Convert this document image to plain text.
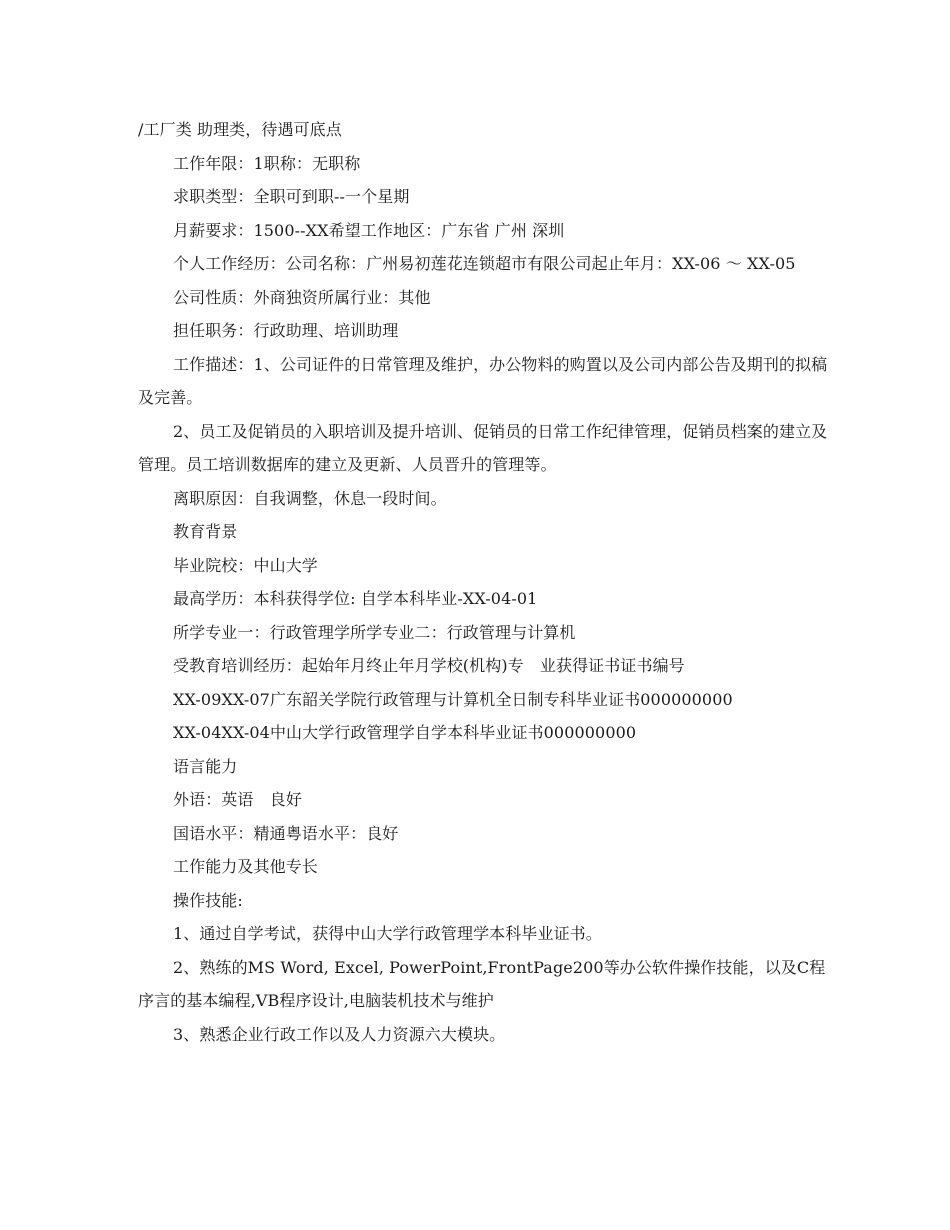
/工厂类 助理类，待遇可底点

工作年限：1职称：无职称

求职类型：全职可到职--一个星期

月薪要求：1500--XX希望工作地区：广东省 广州 深圳

个人工作经历：公司名称：广州易初莲花连锁超市有限公司起止年月：XX-06 ～ XX-05

公司性质：外商独资所属行业：其他

担任职务：行政助理、培训助理

工作描述：1、公司证件的日常管理及维护，办公物料的购置以及公司内部公告及期刊的拟稿及完善。

2、员工及促销员的入职培训及提升培训、促销员的日常工作纪律管理，促销员档案的建立及管理。员工培训数据库的建立及更新、人员晋升的管理等。

离职原因：自我调整，休息一段时间。

教育背景

毕业院校：中山大学

最高学历：本科获得学位: 自学本科毕业-XX-04-01

所学专业一：行政管理学所学专业二：行政管理与计算机

受教育培训经历：起始年月终止年月学校(机构)专　业获得证书证书编号

XX-09XX-07广东韶关学院行政管理与计算机全日制专科毕业证书000000000

XX-04XX-04中山大学行政管理学自学本科毕业证书000000000

语言能力

外语：英语　良好

国语水平：精通粤语水平：良好

工作能力及其他专长

操作技能:

1、通过自学考试，获得中山大学行政管理学本科毕业证书。

2、熟练的MS Word, Excel, PowerPoint,FrontPage200等办公软件操作技能，以及C程序言的基本编程,VB程序设计,电脑装机技术与维护

3、熟悉企业行政工作以及人力资源六大模块。
